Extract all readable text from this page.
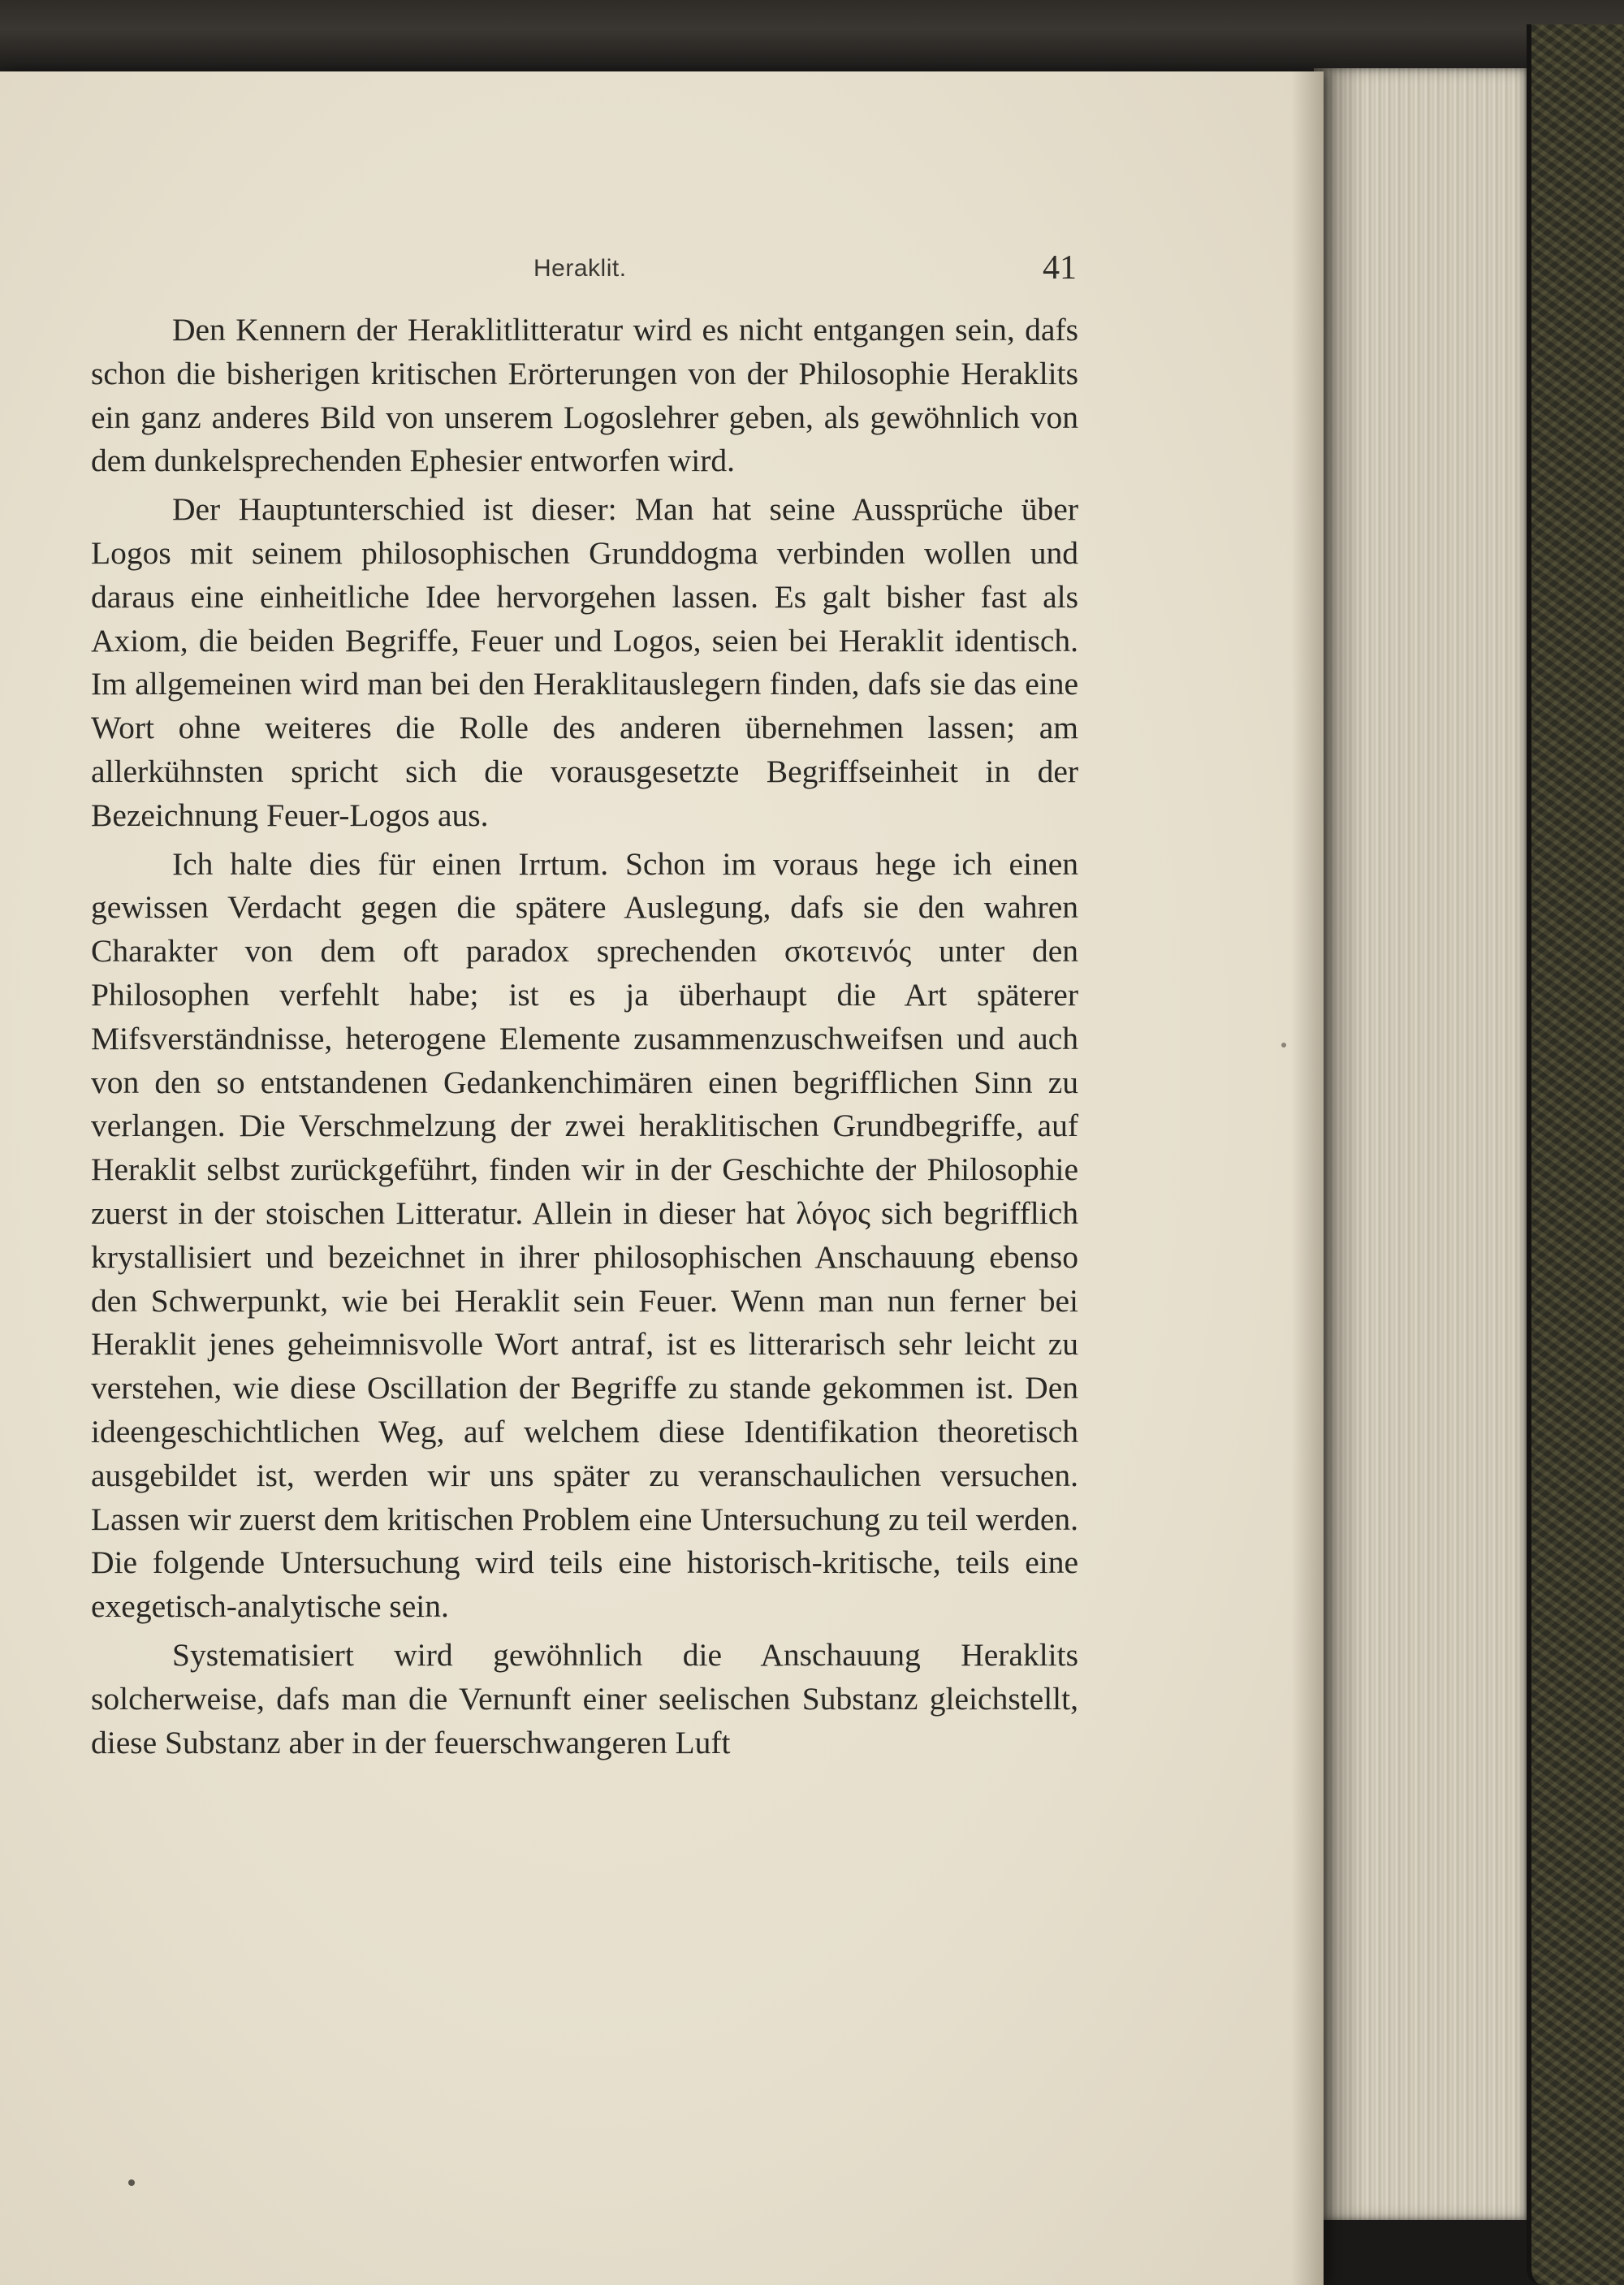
Heraklit.	41

Den Kennern der Heraklitlitteratur wird es nicht entgangen sein, dafs schon die bisherigen kritischen Erörterungen von der Philosophie Heraklits ein ganz anderes Bild von unserem Logoslehrer geben, als gewöhnlich von dem dunkelsprechenden Ephesier entworfen wird.

Der Hauptunterschied ist dieser: Man hat seine Aussprüche über Logos mit seinem philosophischen Grunddogma verbinden wollen und daraus eine einheitliche Idee hervorgehen lassen. Es galt bisher fast als Axiom, die beiden Begriffe, Feuer und Logos, seien bei Heraklit identisch. Im allgemeinen wird man bei den Heraklitauslegern finden, dafs sie das eine Wort ohne weiteres die Rolle des anderen übernehmen lassen; am allerkühnsten spricht sich die vorausgesetzte Begriffseinheit in der Bezeichnung Feuer-Logos aus.

Ich halte dies für einen Irrtum. Schon im voraus hege ich einen gewissen Verdacht gegen die spätere Auslegung, dafs sie den wahren Charakter von dem oft paradox sprechenden σκοτεινός unter den Philosophen verfehlt habe; ist es ja überhaupt die Art späterer Mifsverständnisse, heterogene Elemente zusammenzuschweifsen und auch von den so entstandenen Gedankenchimären einen begrifflichen Sinn zu verlangen. Die Verschmelzung der zwei heraklitischen Grundbegriffe, auf Heraklit selbst zurückgeführt, finden wir in der Geschichte der Philosophie zuerst in der stoischen Litteratur. Allein in dieser hat λόγος sich begrifflich krystallisiert und bezeichnet in ihrer philosophischen Anschauung ebenso den Schwerpunkt, wie bei Heraklit sein Feuer. Wenn man nun ferner bei Heraklit jenes geheimnisvolle Wort antraf, ist es litterarisch sehr leicht zu verstehen, wie diese Oscillation der Begriffe zu stande gekommen ist. Den ideengeschichtlichen Weg, auf welchem diese Identifikation theoretisch ausgebildet ist, werden wir uns später zu veranschaulichen versuchen. Lassen wir zuerst dem kritischen Problem eine Untersuchung zu teil werden. Die folgende Untersuchung wird teils eine historisch-kritische, teils eine exegetisch-analytische sein.

Systematisiert wird gewöhnlich die Anschauung Heraklits solcherweise, dafs man die Vernunft einer seelischen Substanz gleichstellt, diese Substanz aber in der feuerschwangeren Luft
